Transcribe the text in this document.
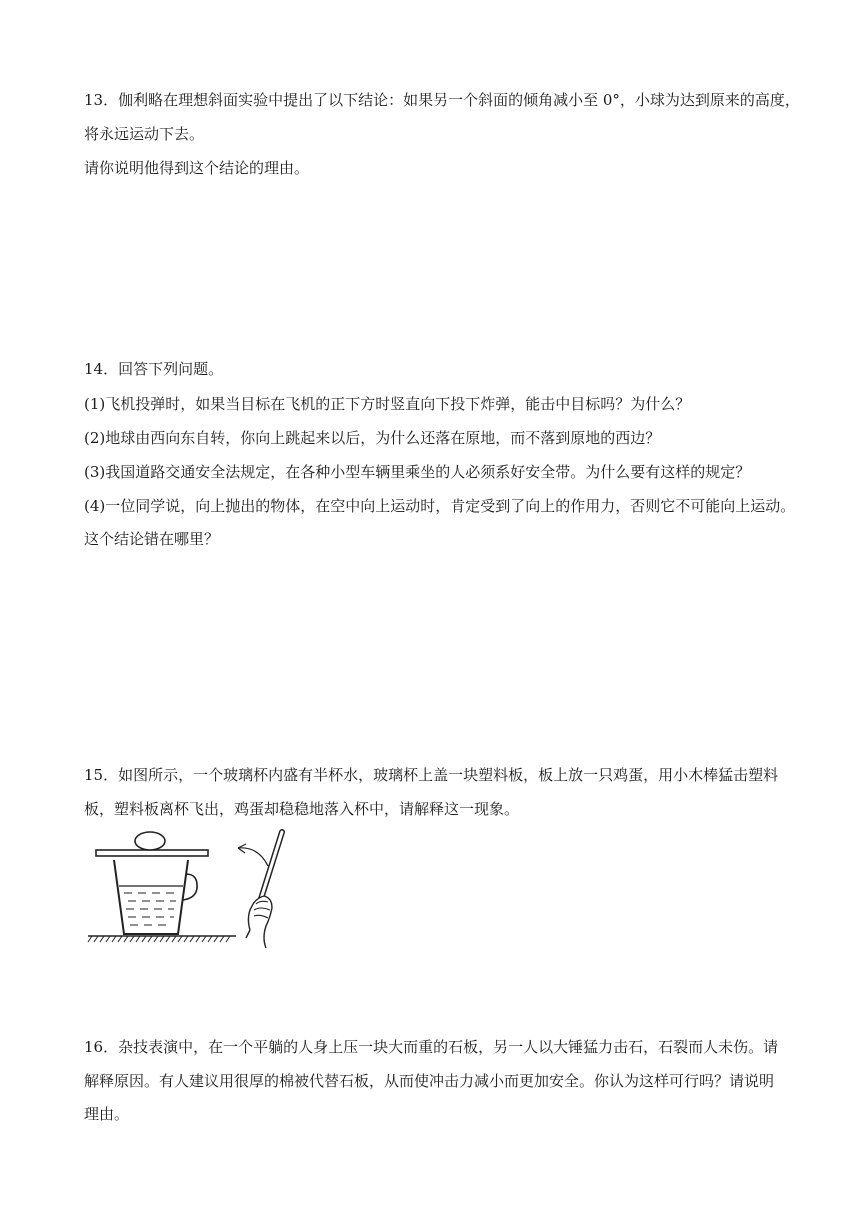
13．伽利略在理想斜面实验中提出了以下结论：如果另一个斜面的倾角减小至 0°，小球为达到原来的高度，
将永远运动下去。
请你说明他得到这个结论的理由。
14．回答下列问题。
(1)飞机投弹时，如果当目标在飞机的正下方时竖直向下投下炸弹，能击中目标吗？为什么？
(2)地球由西向东自转，你向上跳起来以后，为什么还落在原地，而不落到原地的西边？
(3)我国道路交通安全法规定，在各种小型车辆里乘坐的人必须系好安全带。为什么要有这样的规定？
(4)一位同学说，向上抛出的物体，在空中向上运动时，肯定受到了向上的作用力，否则它不可能向上运动。
这个结论错在哪里？
15．如图所示，一个玻璃杯内盛有半杯水，玻璃杯上盖一块塑料板，板上放一只鸡蛋，用小木棒猛击塑料
板，塑料板离杯飞出，鸡蛋却稳稳地落入杯中，请解释这一现象。
16．杂技表演中，在一个平躺的人身上压一块大而重的石板，另一人以大锤猛力击石，石裂而人未伤。请
解释原因。有人建议用很厚的棉被代替石板，从而使冲击力减小而更加安全。你认为这样可行吗？请说明
理由。
